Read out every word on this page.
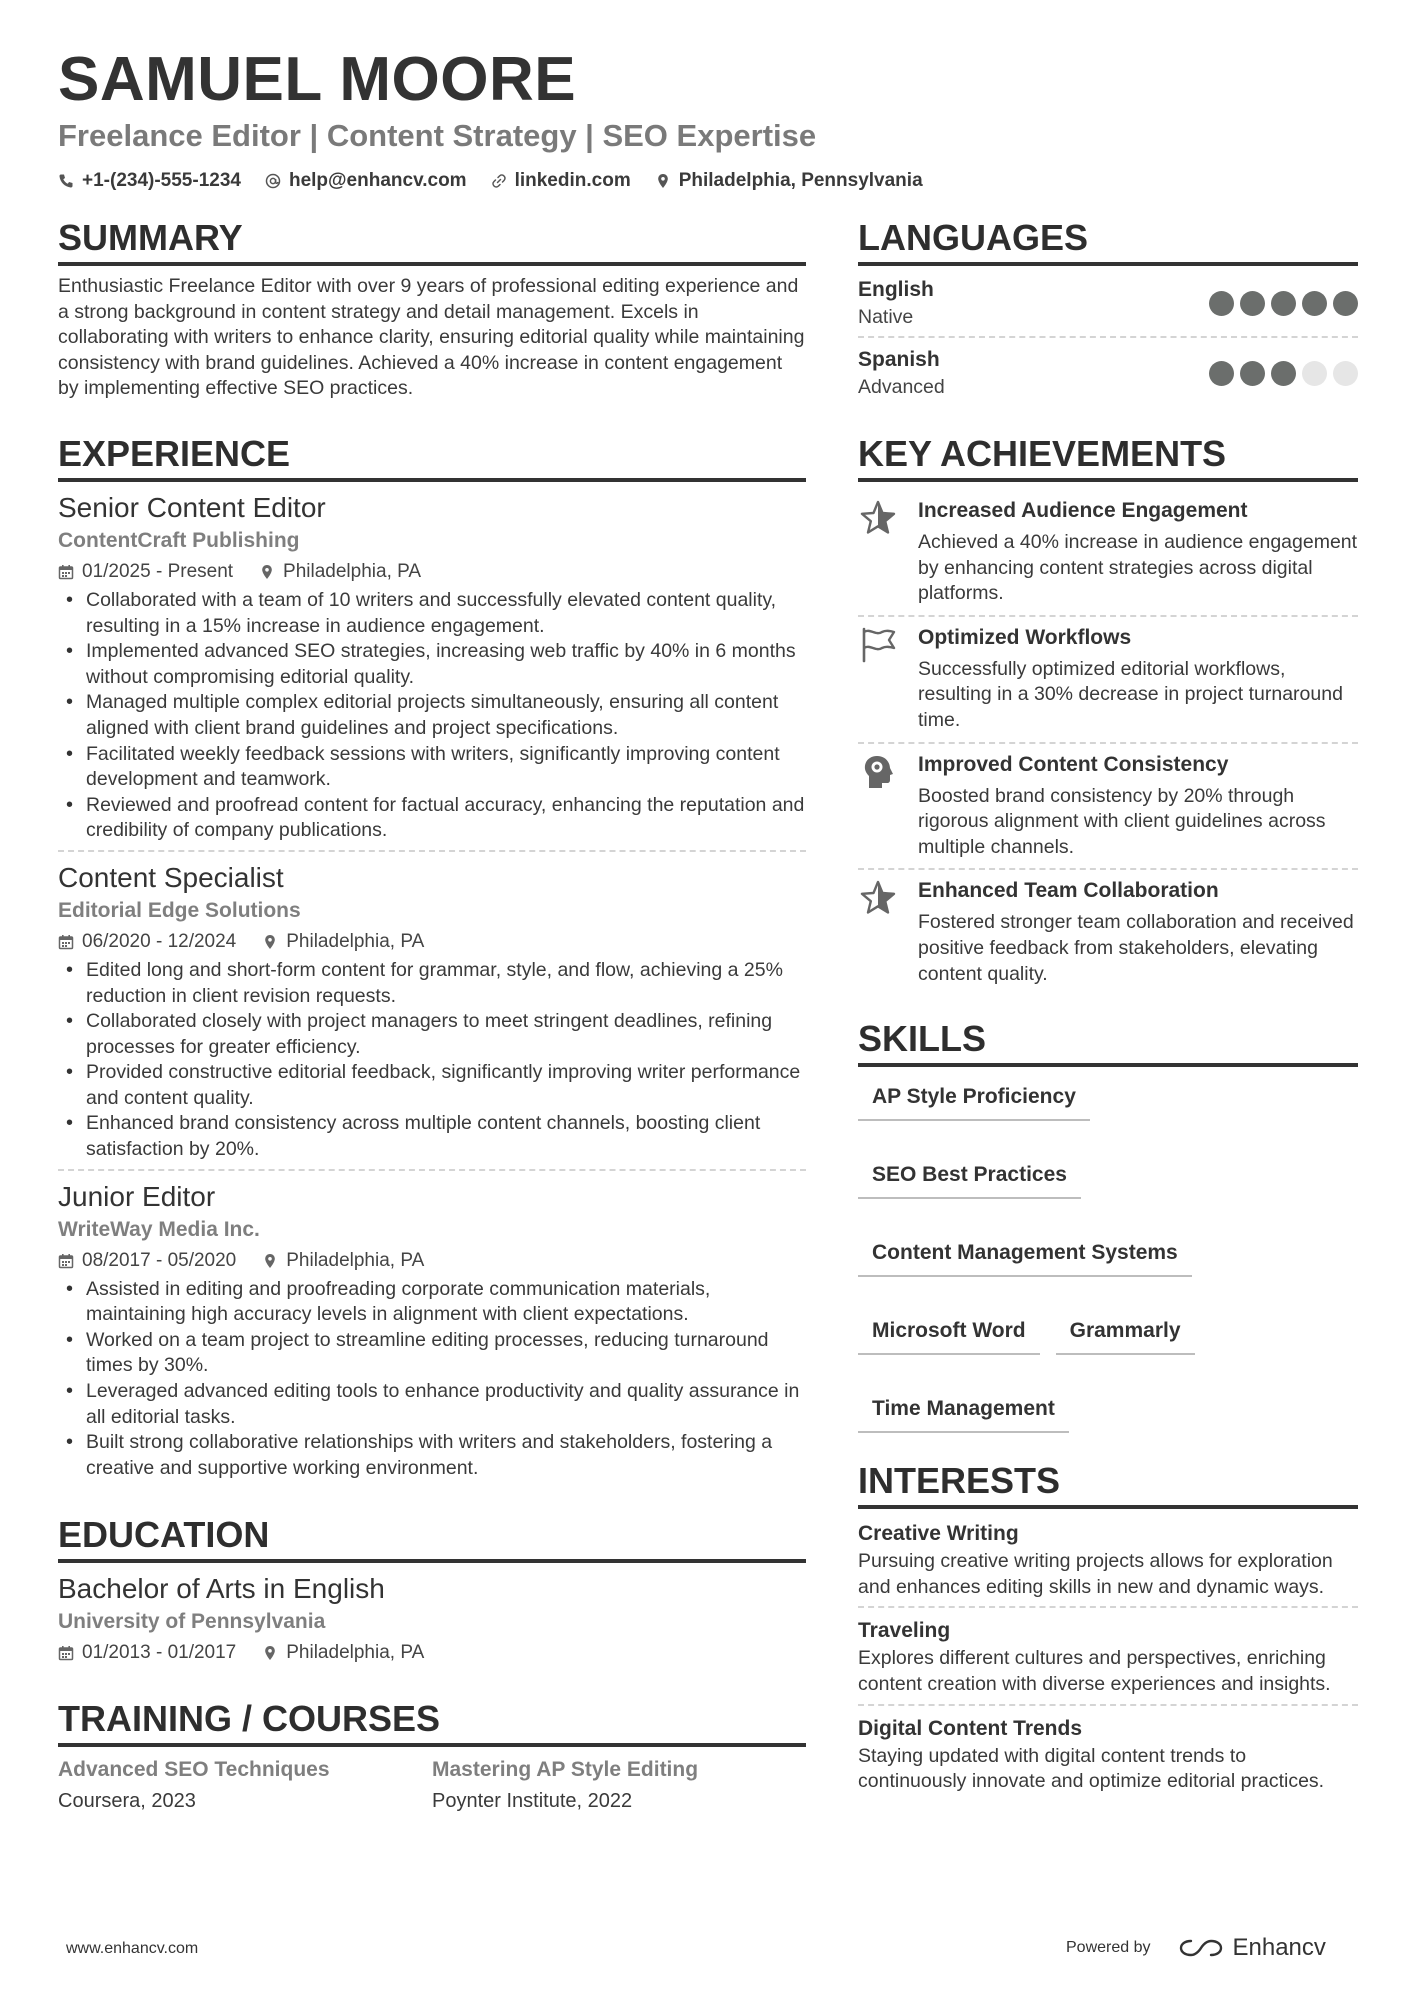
SAMUEL MOORE
Freelance Editor | Content Strategy | SEO Expertise
+1-(234)-555-1234	help@enhancv.com	linkedin.com	Philadelphia, Pennsylvania
SUMMARY

Enthusiastic Freelance Editor with over 9 years of professional editing experience and a strong background in content strategy and detail management. Excels in collaborating with writers to enhance clarity, ensuring editorial quality while maintaining consistency with brand guidelines. Achieved a 40% increase in content engagement by implementing effective SEO practices.

EXPERIENCE
Senior Content Editor
ContentCraft Publishing
01/2025 - Present	Philadelphia, PA
• Collaborated with a team of 10 writers and successfully elevated content quality, resulting in a 15% increase in audience engagement.
• Implemented advanced SEO strategies, increasing web traffic by 40% in 6 months without compromising editorial quality.
• Managed multiple complex editorial projects simultaneously, ensuring all content aligned with client brand guidelines and project specifications.
• Facilitated weekly feedback sessions with writers, significantly improving content development and teamwork.
• Reviewed and proofread content for factual accuracy, enhancing the reputation and credibility of company publications.
Content Specialist
Editorial Edge Solutions
06/2020 - 12/2024	Philadelphia, PA
• Edited long and short-form content for grammar, style, and flow, achieving a 25% reduction in client revision requests.
• Collaborated closely with project managers to meet stringent deadlines, refining processes for greater efficiency.
• Provided constructive editorial feedback, significantly improving writer performance and content quality.
• Enhanced brand consistency across multiple content channels, boosting client satisfaction by 20%.
Junior Editor
WriteWay Media Inc.
08/2017 - 05/2020	Philadelphia, PA
• Assisted in editing and proofreading corporate communication materials, maintaining high accuracy levels in alignment with client expectations.
• Worked on a team project to streamline editing processes, reducing turnaround times by 30%.
• Leveraged advanced editing tools to enhance productivity and quality assurance in all editorial tasks.
• Built strong collaborative relationships with writers and stakeholders, fostering a creative and supportive working environment.
EDUCATION
Bachelor of Arts in English
University of Pennsylvania
01/2013 - 01/2017	Philadelphia, PA
TRAINING / COURSES
Advanced SEO Techniques
Coursera, 2023
Mastering AP Style Editing
Poynter Institute, 2022
LANGUAGES
English
Native
Spanish
Advanced
KEY ACHIEVEMENTS
Increased Audience Engagement
Achieved a 40% increase in audience engagement by enhancing content strategies across digital platforms.
Optimized Workflows
Successfully optimized editorial workflows, resulting in a 30% decrease in project turnaround time.
Improved Content Consistency
Boosted brand consistency by 20% through rigorous alignment with client guidelines across multiple channels.
Enhanced Team Collaboration
Fostered stronger team collaboration and received positive feedback from stakeholders, elevating content quality.
SKILLS
AP Style Proficiency
SEO Best Practices
Content Management Systems
Microsoft Word	Grammarly
Time Management
INTERESTS
Creative Writing
Pursuing creative writing projects allows for exploration and enhances editing skills in new and dynamic ways.
Traveling
Explores different cultures and perspectives, enriching content creation with diverse experiences and insights.
Digital Content Trends
Staying updated with digital content trends to continuously innovate and optimize editorial practices.
www.enhancv.com	Powered by	Enhancv
